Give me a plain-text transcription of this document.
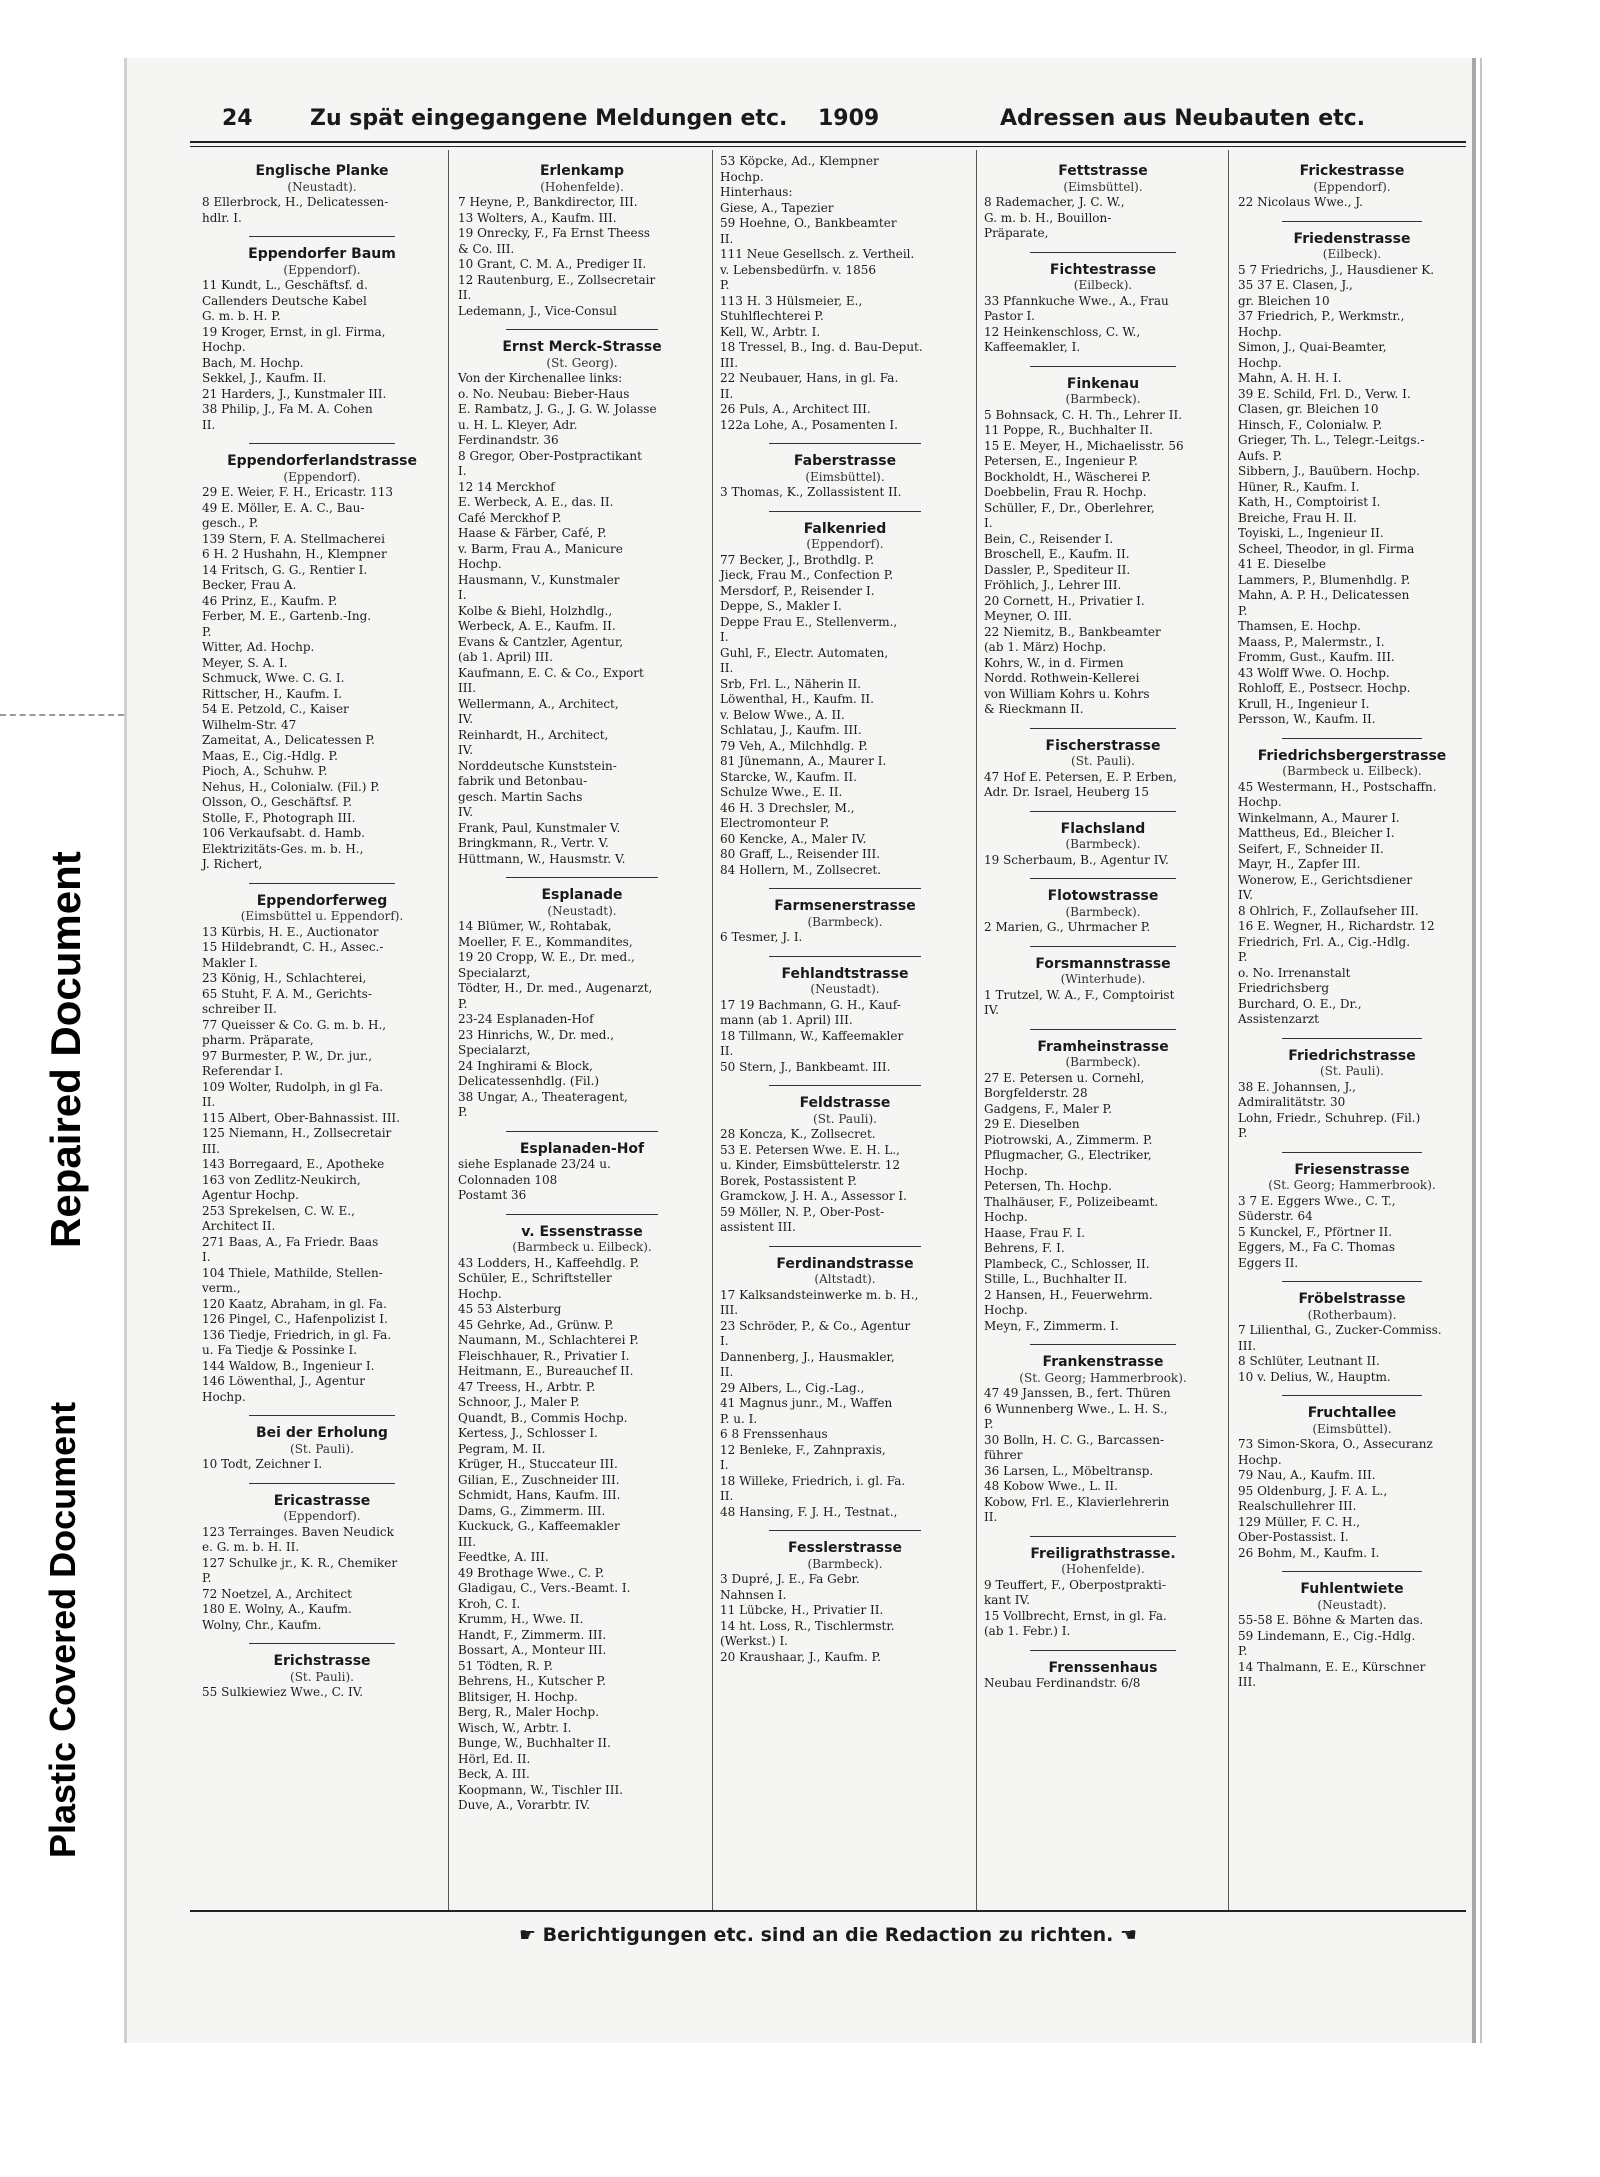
Plastic Covered Document
Repaired Document
24	Zu spät eingegangene Meldungen etc. 1909	Adressen aus Neubauten etc.
Englische Planke
(Neustadt).
8 Ellerbrock, H., Delicatessen-
hdlr. I.
Eppendorfer Baum
(Eppendorf).
11 Kundt, L., Geschäftsf. d.
Callenders Deutsche Kabel
G. m. b. H. P.
19 Kroger, Ernst, in gl. Firma,
Hochp.
Bach, M. Hochp.
Sekkel, J., Kaufm. II.
21 Harders, J., Kunstmaler III.
38 Philip, J., Fa M. A. Cohen
II.
Eppendorferlandstrasse
(Eppendorf).
29 E. Weier, F. H., Ericastr. 113
49 E. Möller, E. A. C., Bau-
gesch., P.
139 Stern, F. A. Stellmacherei
6 H. 2 Hushahn, H., Klempner
14 Fritsch, G. G., Rentier I.
Becker, Frau A.
46 Prinz, E., Kaufm. P.
Ferber, M. E., Gartenb.-Ing.
P.
Witter, Ad. Hochp.
Meyer, S. A. I.
Schmuck, Wwe. C. G. I.
Rittscher, H., Kaufm. I.
54 E. Petzold, C., Kaiser
Wilhelm-Str. 47
Zameitat, A., Delicatessen P.
Maas, E., Cig.-Hdlg. P.
Pioch, A., Schuhw. P.
Nehus, H., Colonialw. (Fil.) P.
Olsson, O., Geschäftsf. P.
Stolle, F., Photograph III.
106 Verkaufsabt. d. Hamb.
Elektrizitäts-Ges. m. b. H.,
J. Richert,
Eppendorferweg
(Eimsbüttel u. Eppendorf).
13 Kürbis, H. E., Auctionator
15 Hildebrandt, C. H., Assec.-
Makler I.
23 König, H., Schlachterei,
65 Stuht, F. A. M., Gerichts-
schreiber II.
77 Queisser & Co. G. m. b. H.,
pharm. Präparate,
97 Burmester, P. W., Dr. jur.,
Referendar I.
109 Wolter, Rudolph, in gl Fa.
II.
115 Albert, Ober-Bahnassist. III.
125 Niemann, H., Zollsecretair
III.
143 Borregaard, E., Apotheke
163 von Zedlitz-Neukirch,
Agentur Hochp.
253 Sprekelsen, C. W. E.,
Architect II.
271 Baas, A., Fa Friedr. Baas
I.
104 Thiele, Mathilde, Stellen-
verm.,
120 Kaatz, Abraham, in gl. Fa.
126 Pingel, C., Hafenpolizist I.
136 Tiedje, Friedrich, in gl. Fa.
u. Fa Tiedje & Possinke I.
144 Waldow, B., Ingenieur I.
146 Löwenthal, J., Agentur
Hochp.
Bei der Erholung
(St. Pauli).
10 Todt, Zeichner I.
Ericastrasse
(Eppendorf).
123 Terrainges. Baven Neudick
e. G. m. b. H. II.
127 Schulke jr., K. R., Chemiker
P.
72 Noetzel, A., Architect
180 E. Wolny, A., Kaufm.
Wolny, Chr., Kaufm.
Erichstrasse
(St. Pauli).
55 Sulkiewiez Wwe., C. IV.
Erlenkamp
(Hohenfelde).
7 Heyne, P., Bankdirector, III.
13 Wolters, A., Kaufm. III.
19 Onrecky, F., Fa Ernst Theess
& Co. III.
10 Grant, C. M. A., Prediger II.
12 Rautenburg, E., Zollsecretair
II.
Ledemann, J., Vice-Consul
Ernst Merck-Strasse
(St. Georg).
Von der Kirchenallee links:
o. No. Neubau: Bieber-Haus
E. Rambatz, J. G., J. G. W. Jolasse
u. H. L. Kleyer, Adr.
Ferdinandstr. 36
8 Gregor, Ober-Postpractikant
I.
12 14 Merckhof
E. Werbeck, A. E., das. II.
Café Merckhof P.
Haase & Färber, Café, P.
v. Barm, Frau A., Manicure
Hochp.
Hausmann, V., Kunstmaler
I.
Kolbe & Biehl, Holzhdlg.,
Werbeck, A. E., Kaufm. II.
Evans & Cantzler, Agentur,
(ab 1. April) III.
Kaufmann, E. C. & Co., Export
III.
Wellermann, A., Architect,
IV.
Reinhardt, H., Architect,
IV.
Norddeutsche Kunststein-
fabrik und Betonbau-
gesch. Martin Sachs
IV.
Frank, Paul, Kunstmaler V.
Bringkmann, R., Vertr. V.
Hüttmann, W., Hausmstr. V.
Esplanade
(Neustadt).
14 Blümer, W., Rohtabak,
Moeller, F. E., Kommandites,
19 20 Cropp, W. E., Dr. med.,
Specialarzt,
Tödter, H., Dr. med., Augenarzt,
P.
23-24 Esplanaden-Hof
23 Hinrichs, W., Dr. med.,
Specialarzt,
24 Inghirami & Block,
Delicatessenhdlg. (Fil.)
38 Ungar, A., Theateragent,
P.
Esplanaden-Hof
siehe Esplanade 23/24 u.
Colonnaden 108
Postamt 36
v. Essenstrasse
(Barmbeck u. Eilbeck).
43 Lodders, H., Kaffeehdlg. P.
Schüler, E., Schriftsteller
Hochp.
45 53 Alsterburg
45 Gehrke, Ad., Grünw. P.
Naumann, M., Schlachterei P.
Fleischhauer, R., Privatier I.
Heitmann, E., Bureauchef II.
47 Treess, H., Arbtr. P.
Schnoor, J., Maler P.
Quandt, B., Commis Hochp.
Kertess, J., Schlosser I.
Pegram, M. II.
Krüger, H., Stuccateur III.
Gilian, E., Zuschneider III.
Schmidt, Hans, Kaufm. III.
Dams, G., Zimmerm. III.
Kuckuck, G., Kaffeemakler
III.
Feedtke, A. III.
49 Brothage Wwe., C. P.
Gladigau, C., Vers.-Beamt. I.
Kroh, C. I.
Krumm, H., Wwe. II.
Handt, F., Zimmerm. III.
Bossart, A., Monteur III.
51 Tödten, R. P.
Behrens, H., Kutscher P.
Blitsiger, H. Hochp.
Berg, R., Maler Hochp.
Wisch, W., Arbtr. I.
Bunge, W., Buchhalter II.
Hörl, Ed. II.
Beck, A. III.
Koopmann, W., Tischler III.
Duve, A., Vorarbtr. IV.
53 Köpcke, Ad., Klempner
Hochp.
Hinterhaus:
Giese, A., Tapezier
59 Hoehne, O., Bankbeamter
II.
111 Neue Gesellsch. z. Vertheil.
v. Lebensbedürfn. v. 1856
P.
113 H. 3 Hülsmeier, E.,
Stuhlflechterei P.
Kell, W., Arbtr. I.
18 Tressel, B., Ing. d. Bau-Deput.
III.
22 Neubauer, Hans, in gl. Fa.
II.
26 Puls, A., Architect III.
122a Lohe, A., Posamenten I.
Faberstrasse
(Eimsbüttel).
3 Thomas, K., Zollassistent II.
Falkenried
(Eppendorf).
77 Becker, J., Brothdlg. P.
Jieck, Frau M., Confection P.
Mersdorf, P., Reisender I.
Deppe, S., Makler I.
Deppe Frau E., Stellenverm.,
I.
Guhl, F., Electr. Automaten,
II.
Srb, Frl. L., Näherin II.
Löwenthal, H., Kaufm. II.
v. Below Wwe., A. II.
Schlatau, J., Kaufm. III.
79 Veh, A., Milchhdlg. P.
81 Jünemann, A., Maurer I.
Starcke, W., Kaufm. II.
Schulze Wwe., E. II.
46 H. 3 Drechsler, M.,
Electromonteur P.
60 Kencke, A., Maler IV.
80 Graff, L., Reisender III.
84 Hollern, M., Zollsecret.
Farmsenerstrasse
(Barmbeck).
6 Tesmer, J. I.
Fehlandtstrasse
(Neustadt).
17 19 Bachmann, G. H., Kauf-
mann (ab 1. April) III.
18 Tillmann, W., Kaffeemakler
II.
50 Stern, J., Bankbeamt. III.
Feldstrasse
(St. Pauli).
28 Koncza, K., Zollsecret.
53 E. Petersen Wwe. E. H. L.,
u. Kinder, Eimsbüttelerstr. 12
Borek, Postassistent P.
Gramckow, J. H. A., Assessor I.
59 Möller, N. P., Ober-Post-
assistent III.
Ferdinandstrasse
(Altstadt).
17 Kalksandsteinwerke m. b. H.,
III.
23 Schröder, P., & Co., Agentur
I.
Dannenberg, J., Hausmakler,
II.
29 Albers, L., Cig.-Lag.,
41 Magnus junr., M., Waffen
P. u. I.
6 8 Frenssenhaus
12 Benleke, F., Zahnpraxis,
I.
18 Willeke, Friedrich, i. gl. Fa.
II.
48 Hansing, F. J. H., Testnat.,
Fesslerstrasse
(Barmbeck).
3 Dupré, J. E., Fa Gebr.
Nahnsen I.
11 Lübcke, H., Privatier II.
14 ht. Loss, R., Tischlermstr.
(Werkst.) I.
20 Kraushaar, J., Kaufm. P.
Fettstrasse
(Eimsbüttel).
8 Rademacher, J. C. W.,
G. m. b. H., Bouillon-
Präparate,
Fichtestrasse
(Eilbeck).
33 Pfannkuche Wwe., A., Frau
Pastor I.
12 Heinkenschloss, C. W.,
Kaffeemakler, I.
Finkenau
(Barmbeck).
5 Bohnsack, C. H. Th., Lehrer II.
11 Poppe, R., Buchhalter II.
15 E. Meyer, H., Michaelisstr. 56
Petersen, E., Ingenieur P.
Bockholdt, H., Wäscherei P.
Doebbelin, Frau R. Hochp.
Schüller, F., Dr., Oberlehrer,
I.
Bein, C., Reisender I.
Broschell, E., Kaufm. II.
Dassler, P., Spediteur II.
Fröhlich, J., Lehrer III.
20 Cornett, H., Privatier I.
Meyner, O. III.
22 Niemitz, B., Bankbeamter
(ab 1. März) Hochp.
Kohrs, W., in d. Firmen
Nordd. Rothwein-Kellerei
von William Kohrs u. Kohrs
& Rieckmann II.
Fischerstrasse
(St. Pauli).
47 Hof E. Petersen, E. P. Erben,
Adr. Dr. Israel, Heuberg 15
Flachsland
(Barmbeck).
19 Scherbaum, B., Agentur IV.
Flotowstrasse
(Barmbeck).
2 Marien, G., Uhrmacher P.
Forsmannstrasse
(Winterhude).
1 Trutzel, W. A., F., Comptoirist
IV.
Framheinstrasse
(Barmbeck).
27 E. Petersen u. Cornehl,
Borgfelderstr. 28
Gadgens, F., Maler P.
29 E. Dieselben
Piotrowski, A., Zimmerm. P.
Pflugmacher, G., Electriker,
Hochp.
Petersen, Th. Hochp.
Thalhäuser, F., Polizeibeamt.
Hochp.
Haase, Frau F. I.
Behrens, F. I.
Plambeck, C., Schlosser, II.
Stille, L., Buchhalter II.
2 Hansen, H., Feuerwehrm.
Hochp.
Meyn, F., Zimmerm. I.
Frankenstrasse
(St. Georg; Hammerbrook).
47 49 Janssen, B., fert. Thüren
6 Wunnenberg Wwe., L. H. S.,
P.
30 Bolln, H. C. G., Barcassen-
führer
36 Larsen, L., Möbeltransp.
48 Kobow Wwe., L. II.
Kobow, Frl. E., Klavierlehrerin
II.
Freiligrathstrasse.
(Hohenfelde).
9 Teuffert, F., Oberpostprakti-
kant IV.
15 Vollbrecht, Ernst, in gl. Fa.
(ab 1. Febr.) I.
Frenssenhaus
Neubau Ferdinandstr. 6/8
Frickestrasse
(Eppendorf).
22 Nicolaus Wwe., J.
Friedenstrasse
(Eilbeck).
5 7 Friedrichs, J., Hausdiener K.
35 37 E. Clasen, J.,
gr. Bleichen 10
37 Friedrich, P., Werkmstr.,
Hochp.
Simon, J., Quai-Beamter,
Hochp.
Mahn, A. H. H. I.
39 E. Schild, Frl. D., Verw. I.
Clasen, gr. Bleichen 10
Hinsch, F., Colonialw. P.
Grieger, Th. L., Telegr.-Leitgs.-
Aufs. P.
Sibbern, J., Bauübern. Hochp.
Hüner, R., Kaufm. I.
Kath, H., Comptoirist I.
Breiche, Frau H. II.
Toyiski, L., Ingenieur II.
Scheel, Theodor, in gl. Firma
41 E. Dieselbe
Lammers, P., Blumenhdlg. P.
Mahn, A. P. H., Delicatessen
P.
Thamsen, E. Hochp.
Maass, P., Malermstr., I.
Fromm, Gust., Kaufm. III.
43 Wolff Wwe. O. Hochp.
Rohloff, E., Postsecr. Hochp.
Krull, H., Ingenieur I.
Persson, W., Kaufm. II.
Friedrichsbergerstrasse
(Barmbeck u. Eilbeck).
45 Westermann, H., Postschaffn.
Hochp.
Winkelmann, A., Maurer I.
Mattheus, Ed., Bleicher I.
Seifert, F., Schneider II.
Mayr, H., Zapfer III.
Wonerow, E., Gerichtsdiener
IV.
8 Ohlrich, F., Zollaufseher III.
16 E. Wegner, H., Richardstr. 12
Friedrich, Frl. A., Cig.-Hdlg.
P.
o. No. Irrenanstalt
Friedrichsberg
Burchard, O. E., Dr.,
Assistenzarzt
Friedrichstrasse
(St. Pauli).
38 E. Johannsen, J.,
Admiralitätstr. 30
Lohn, Friedr., Schuhrep. (Fil.)
P.
Friesenstrasse
(St. Georg; Hammerbrook).
3 7 E. Eggers Wwe., C. T.,
Süderstr. 64
5 Kunckel, F., Pförtner II.
Eggers, M., Fa C. Thomas
Eggers II.
Fröbelstrasse
(Rotherbaum).
7 Lilienthal, G., Zucker-Commiss.
III.
8 Schlüter, Leutnant II.
10 v. Delius, W., Hauptm.
Fruchtallee
(Eimsbüttel).
73 Simon-Skora, O., Assecuranz
Hochp.
79 Nau, A., Kaufm. III.
95 Oldenburg, J. F. A. L.,
Realschullehrer III.
129 Müller, F. C. H.,
Ober-Postassist. I.
26 Bohm, M., Kaufm. I.
Fuhlentwiete
(Neustadt).
55-58 E. Böhne & Marten das.
59 Lindemann, E., Cig.-Hdlg.
P.
14 Thalmann, E. E., Kürschner
III.
☛ Berichtigungen etc. sind an die Redaction zu richten. ☚
